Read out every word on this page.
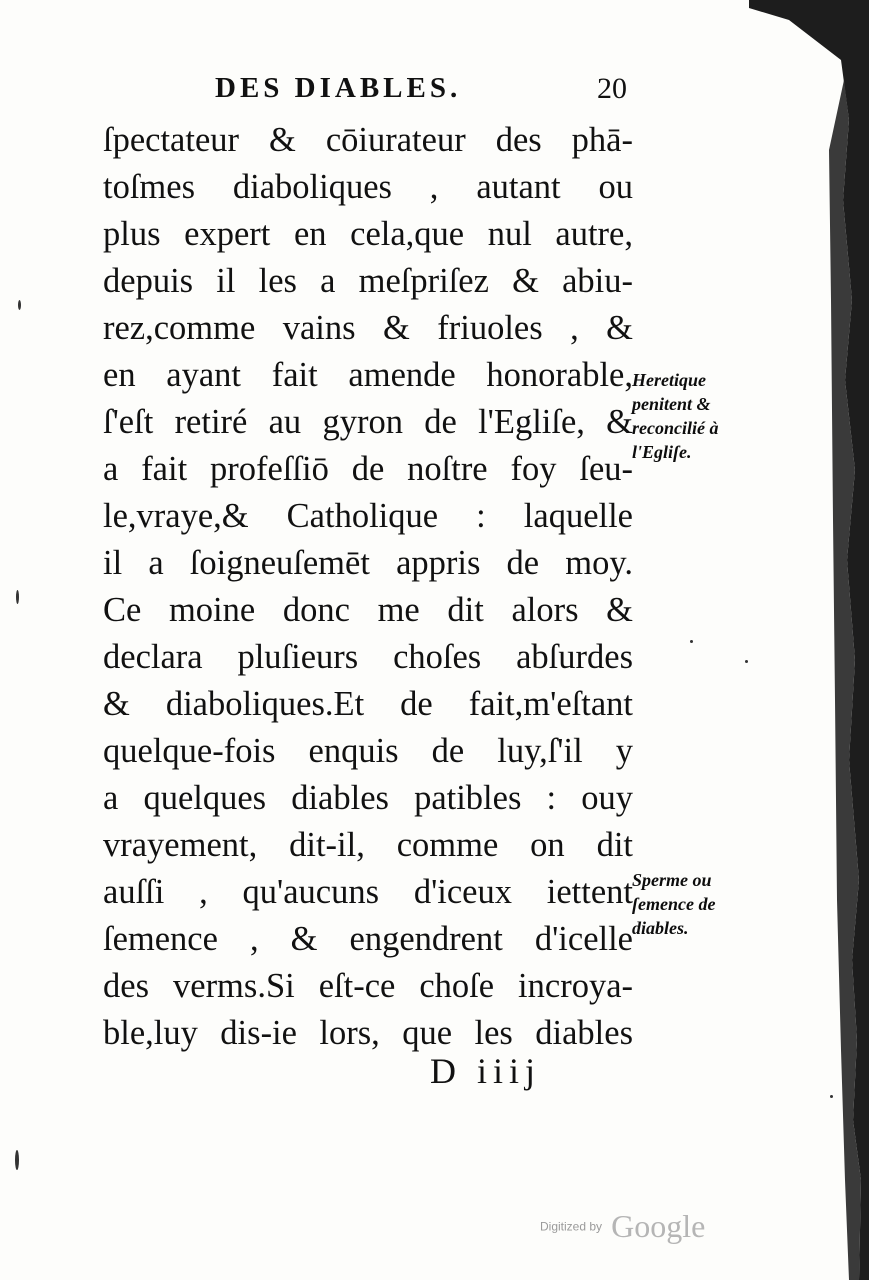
DES DIABLES.	20
ſpectateur & cōiurateur des phā-
toſmes diaboliques , autant ou
plus expert en cela,que nul autre,
depuis il les a meſpriſez & abiu-
rez,comme vains & friuoles , &
en ayant fait amende honorable,
ſ'eſt retiré au gyron de l'Egliſe, &
a fait profeſſiō de noſtre foy ſeu-
le,vraye,& Catholique : laquelle
il a ſoigneuſemēt appris de moy.
Ce moine donc me dit alors &
declara pluſieurs choſes abſurdes
& diaboliques.Et de fait,m'eſtant
quelque-fois enquis de luy,ſ'il y
a quelques diables patibles : ouy
vrayement, dit-il, comme on dit
auſſi , qu'aucuns d'iceux iettent
ſemence , & engendrent d'icelle
des verms.Si eſt-ce choſe incroya-
ble,luy dis-ie lors, que les diables
Heretique
penitent &
reconcilié à
l'Egliſe.
Sperme ou
ſemence de
diables.
D iiij
Digitized by Google
